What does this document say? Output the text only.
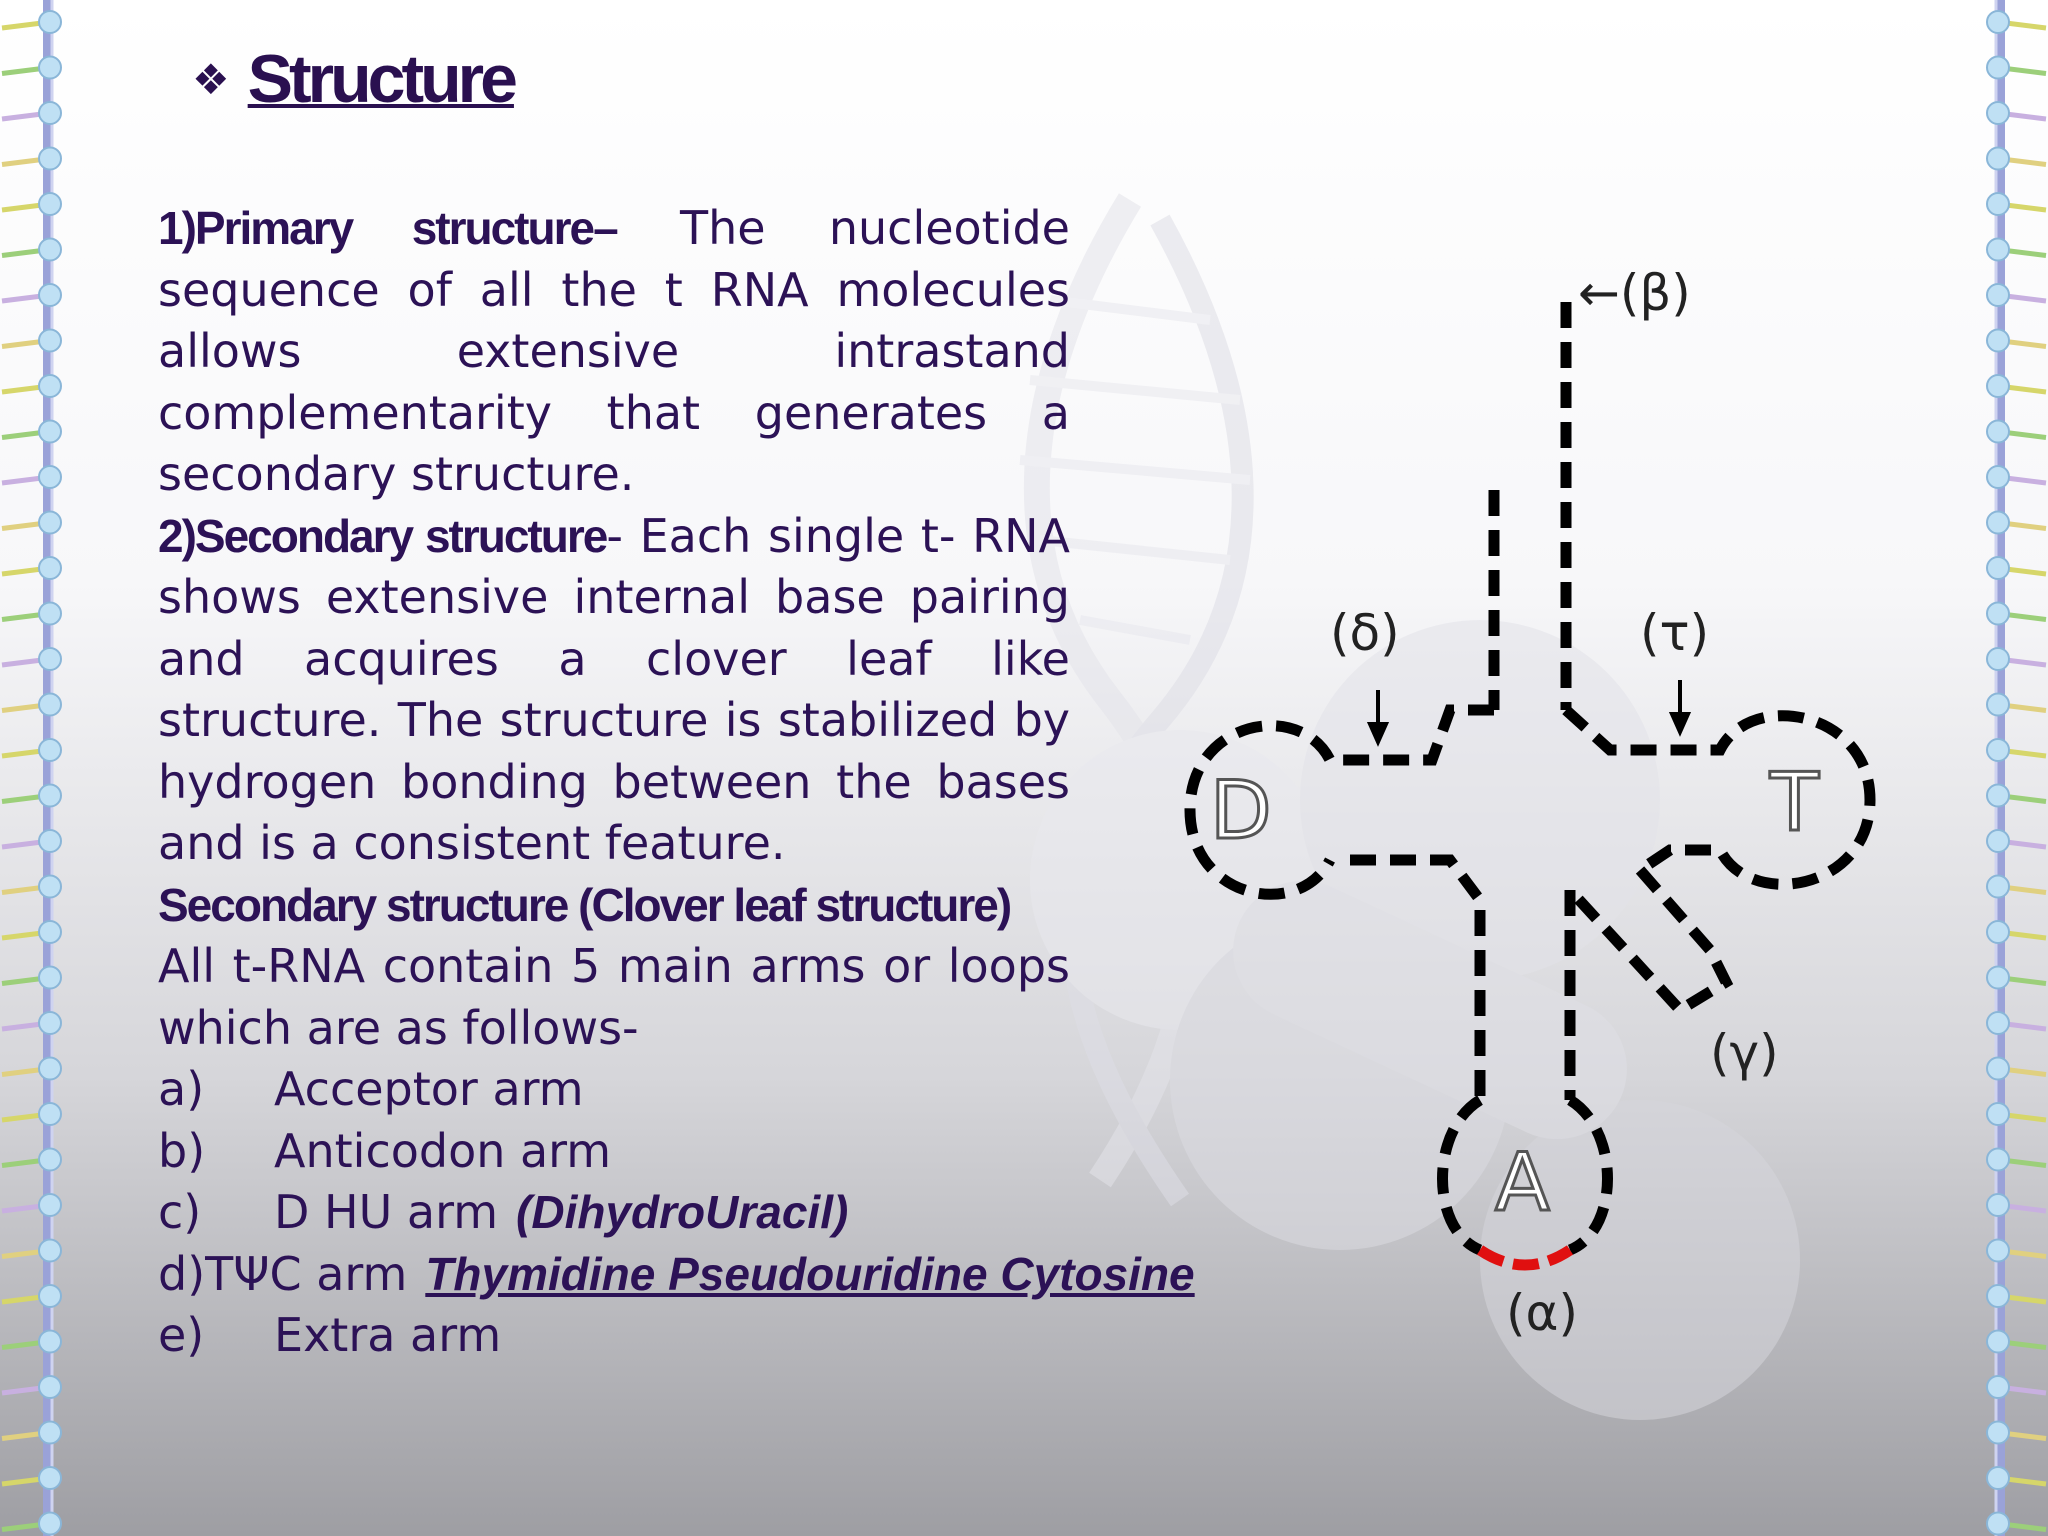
❖ Structure

1)Primary structure– The nucleotide sequence of all the t RNA molecules allows extensive intrastand complementarity that generates a secondary structure.

2)Secondary structure- Each single t- RNA shows extensive internal base pairing and acquires a clover leaf like structure. The structure is stabilized by hydrogen bonding between the bases and is a consistent feature.

Secondary structure (Clover leaf structure)

All t-RNA contain 5 main arms or loops which are as follows-

a)	Acceptor arm
b)	Anticodon arm
c)	D HU arm (DihydroUracil)
d) TΨC arm Thymidine Pseudouridine Cytosine
e)	Extra arm
←(β)
(δ)	(τ)
(γ)
(α)
D	T
A
